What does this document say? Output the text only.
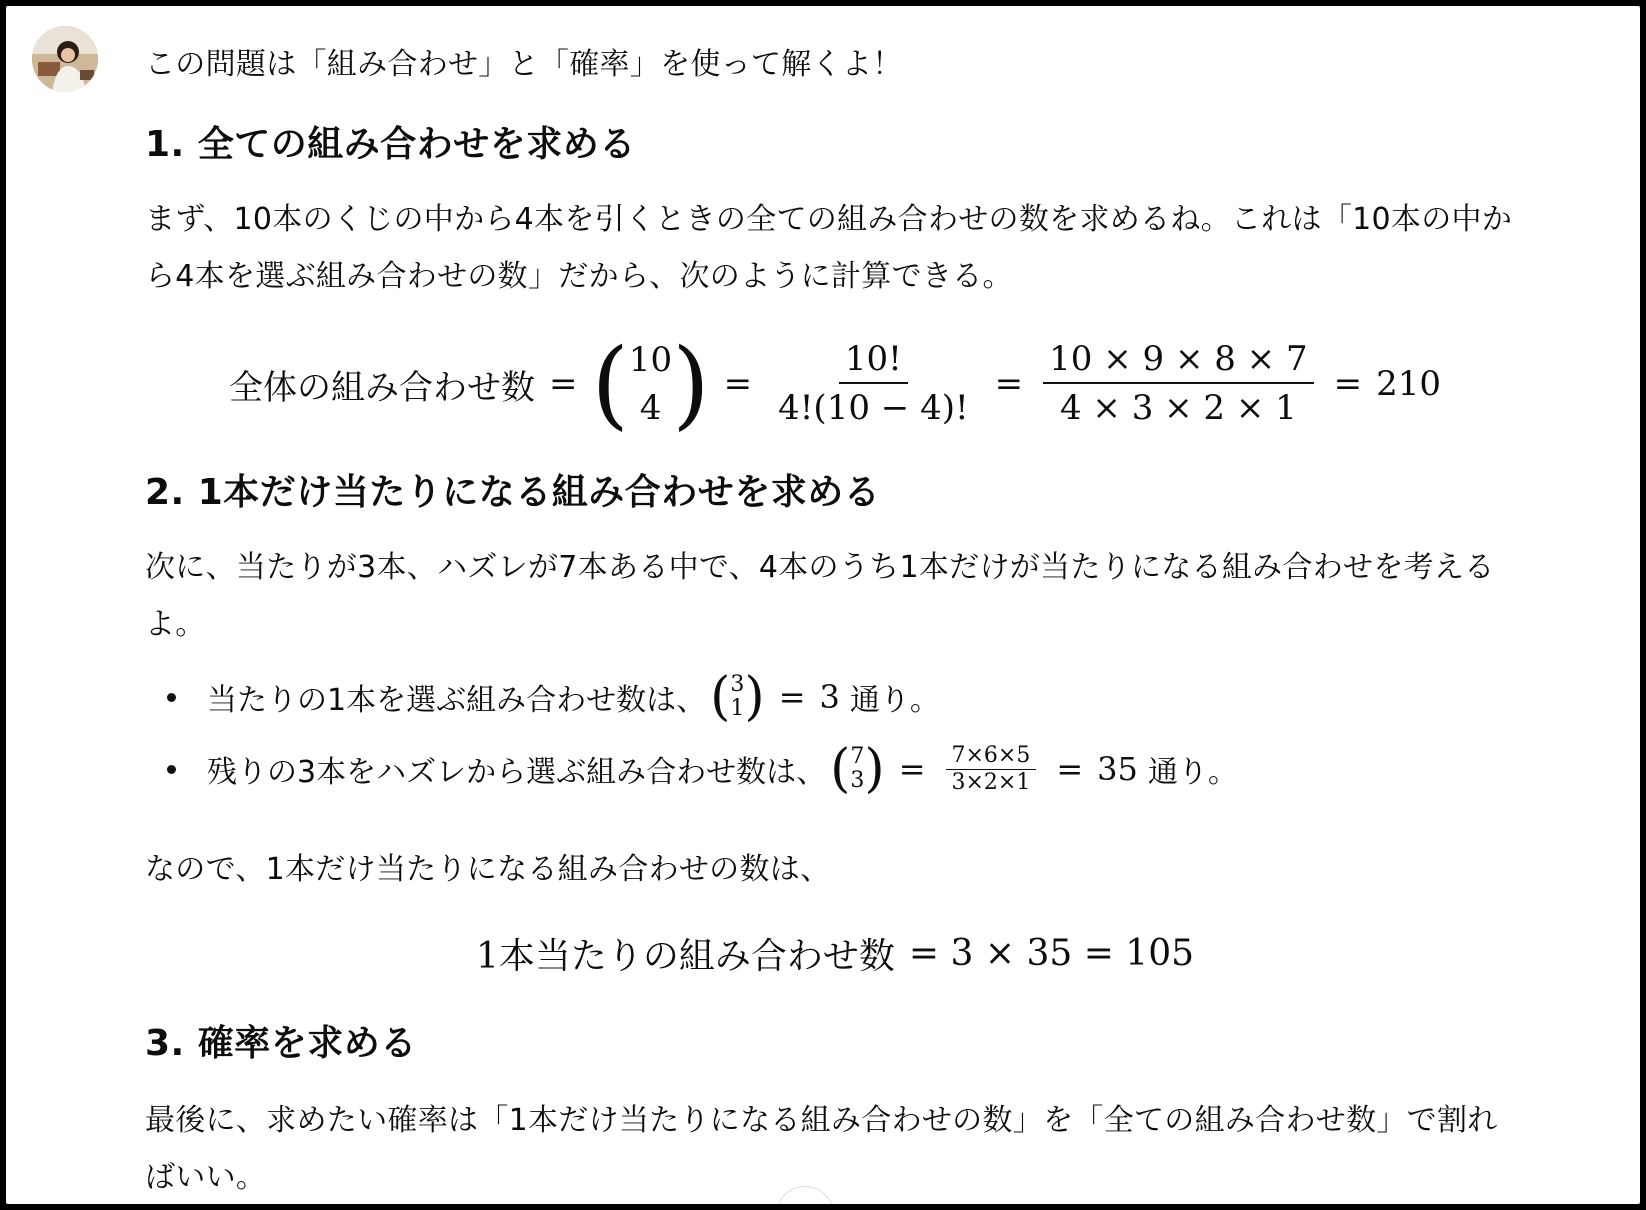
この問題は「組み合わせ」と「確率」を使って解くよ！

1. 全ての組み合わせを求める

まず、10本のくじの中から4本を引くときの全ての組み合わせの数を求めるね。これは「10本の中から4本を選ぶ組み合わせの数」だから、次のように計算できる。

全体の組み合わせ数 = ( 10
4 ) = $\frac{10!}{4!(10 - 4)!} = \frac{10 \times 9 \times 8 \times 7}{4 \times 3 \times 2 \times 1} = 210$
2. 1本だけ当たりになる組み合わせを求める

次に、当たりが3本、ハズレが7本ある中で、4本のうち1本だけが当たりになる組み合わせを考えるよ。

当たりの1本を選ぶ組み合わせ数は、 ( 3
1 ) = 3 通り。
残りの3本をハズレから選ぶ組み合わせ数は、 ( 7
3 ) = $\frac{7\times 6\times 5}{3\times 2\times 1} = 35$ 通り。

なので、1本だけ当たりになる組み合わせの数は、

1本当たりの組み合わせ数 = 3 × 35 = 105
3. 確率を求める

最後に、求めたい確率は「1本だけ当たりになる組み合わせの数」を「全ての組み合わせ数」で割ればいい。
